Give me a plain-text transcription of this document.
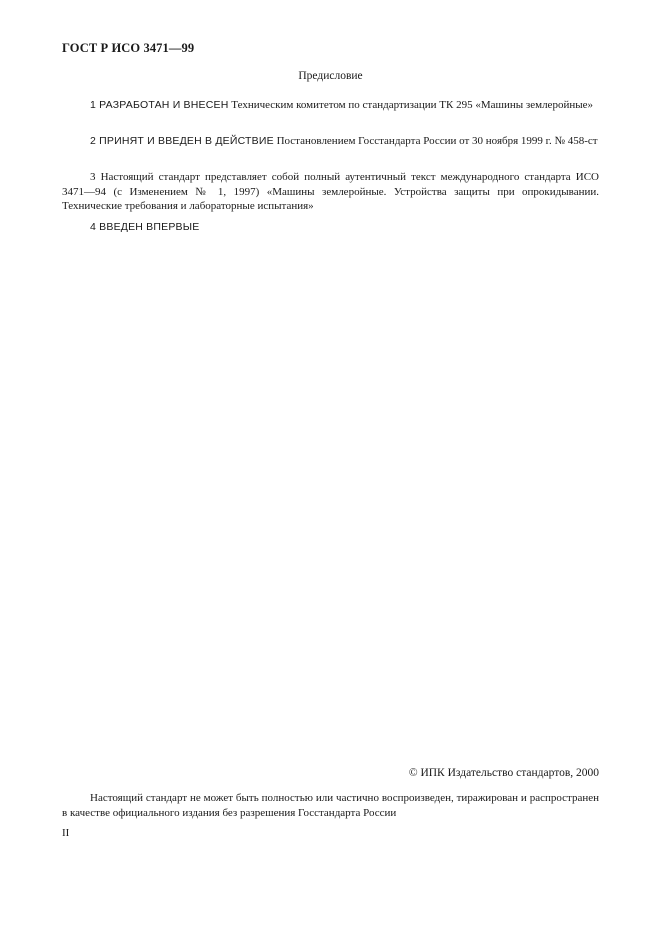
ГОСТ Р ИСО 3471—99
Предисловие

1 РАЗРАБОТАН И ВНЕСЕН Техническим комитетом по стандартизации ТК 295 «Машины землеройные»

2 ПРИНЯТ И ВВЕДЕН В ДЕЙСТВИЕ Постановлением Госстандарта России от 30 ноября 1999 г. № 458-ст

3 Настоящий стандарт представляет собой полный аутентичный текст международного стандарта ИСО 3471—94 (с Изменением № 1, 1997) «Машины землеройные. Устройства защиты при опрокидывании. Технические требования и лабораторные испытания»

4 ВВЕДЕН ВПЕРВЫЕ

© ИПК Издательство стандартов, 2000

Настоящий стандарт не может быть полностью или частично воспроизведен, тиражирован и распространен в качестве официального издания без разрешения Госстандарта России

II
